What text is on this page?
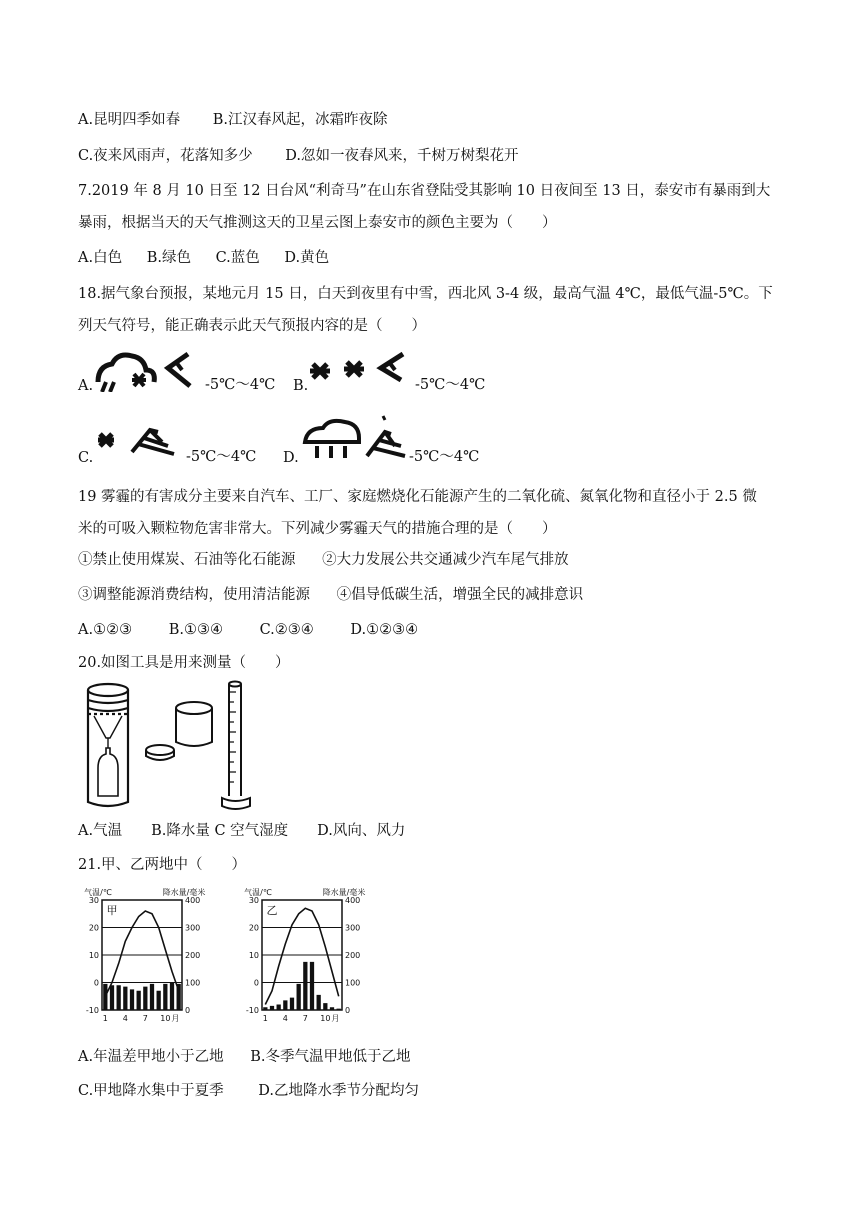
A.昆明四季如春 B.江汉春风起，冰霜昨夜除
C.夜来风雨声，花落知多少 D.忽如一夜春风来，千树万树梨花开
7.2019 年 8 月 10 日至 12 日台风“利奇马”在山东省登陆受其影响 10 日夜间至 13 日，泰安市有暴雨到大
暴雨，根据当天的天气推测这天的卫星云图上泰安市的颜色主要为（　　）
A.白色 B.绿色 C.蓝色 D.黄色
18.据气象台预报，某地元月 15 日，白天到夜里有中雪，西北风 3-4 级，最高气温 4℃，最低气温-5℃。下
列天气符号，能正确表示此天气预报内容的是（　　）
A.	-5℃～4℃ B.	-5℃～4℃
C.	-5℃～4℃ D.	-5℃～4℃
19 雾霾的有害成分主要来自汽车、工厂、家庭燃烧化石能源产生的二氧化硫、氮氧化物和直径小于 2.5 微
米的可吸入颗粒物危害非常大。下列减少雾霾天气的措施合理的是（　　）
①禁止使用煤炭、石油等化石能源 ②大力发展公共交通减少汽车尾气排放
③调整能源消费结构，使用清洁能源 ④倡导低碳生活，增强全民的减排意识
A.①②③	B.①③④	C.②③④	D.①②③④
20.如图工具是用来测量（　　）
A.气温　　B.降水量 C 空气湿度　　D.风向、风力
21.甲、乙两地中（　　）
气温/℃	降水量/毫米
30
20
10
0
-10
400
300
200
100
0
甲
1 4 7 10 月
气温/℃	降水量/毫米
30
20
10
0
-10
400
300
200
100
0
乙
1 4 7 10 月
A.年温差甲地小于乙地 B.冬季气温甲地低于乙地
C.甲地降水集中于夏季 D.乙地降水季节分配均匀
